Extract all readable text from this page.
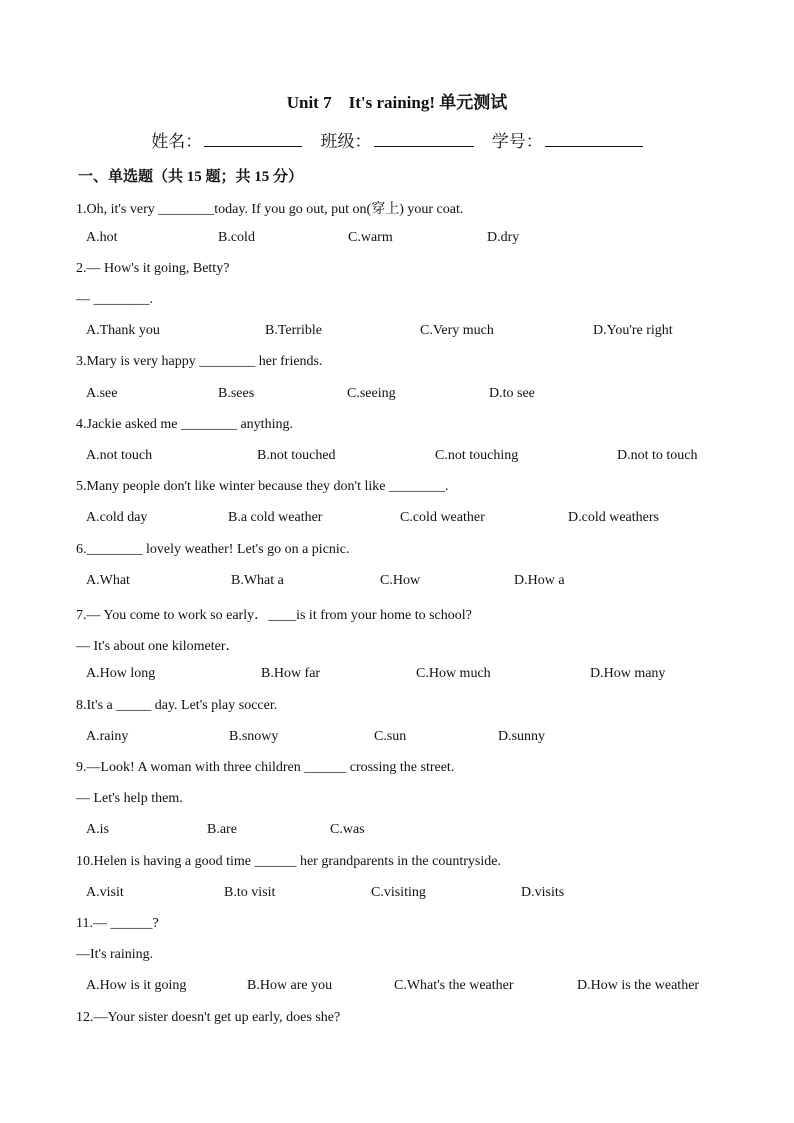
Unit 7　It's raining! 单元测试
姓名：	班级：	学号：
一、单选题（共 15 题；共 15 分）
1.Oh, it's very ________today. If you go out, put on(穿上) your coat.
A.hot	B.cold	C.warm	D.dry
2.— How's it going, Betty?
— ________.
A.Thank you	B.Terrible	C.Very much	D.You're right
3.Mary is very happy ________ her friends.
A.see	B.sees	C.seeing	D.to see
4.Jackie asked me ________ anything.
A.not touch	B.not touched	C.not touching	D.not to touch
5.Many people don't like winter because they don't like ________.
A.cold day	B.a cold weather	C.cold weather	D.cold weathers
6.________ lovely weather! Let's go on a picnic.
A.What	B.What a	C.How	D.How a
7.— You come to work so early．____is it from your home to school?
— It's about one kilometer．
A.How long	B.How far	C.How much	D.How many
8.It's a _____ day. Let's play soccer.
A.rainy	B.snowy	C.sun	D.sunny
9.—Look! A woman with three children ______ crossing the street.
— Let's help them.
A.is	B.are	C.was
10.Helen is having a good time ______ her grandparents in the countryside.
A.visit	B.to visit	C.visiting	D.visits
11.— ______?
—It's raining.
A.How is it going	B.How are you	C.What's the weather	D.How is the weather
12.—Your sister doesn't get up early, does she?
